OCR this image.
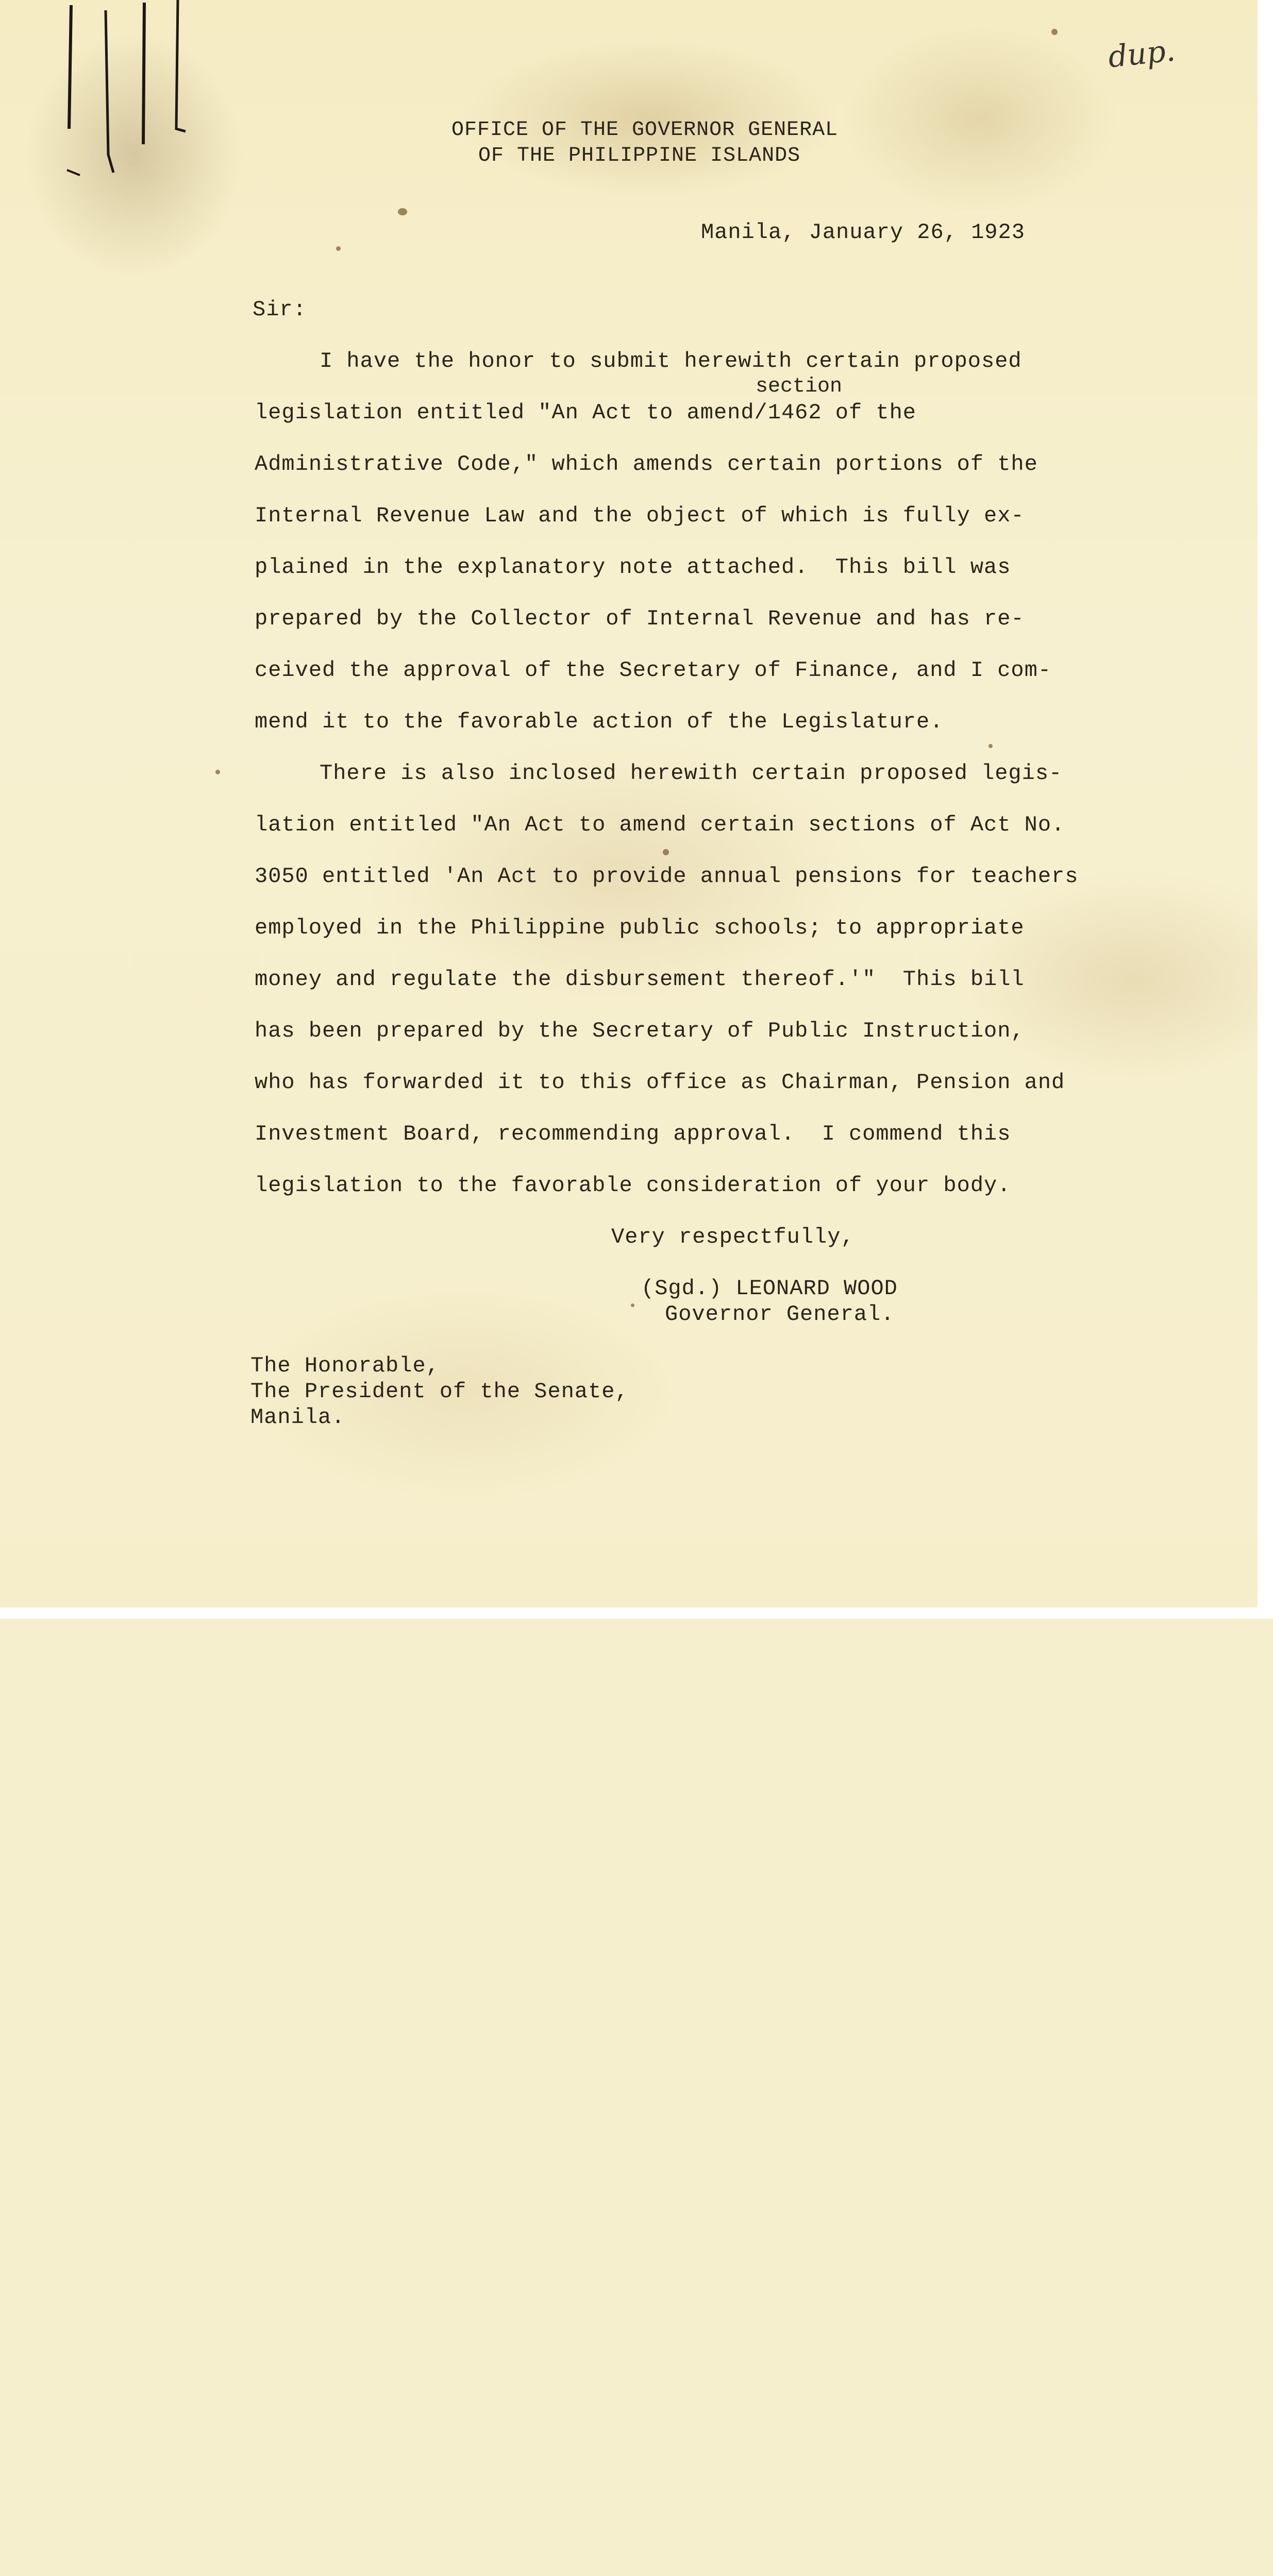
dup.
OFFICE OF THE GOVERNOR GENERAL
OF THE PHILIPPINE ISLANDS
Manila, January 26, 1923
Sir:
section
I have the honor to submit herewith certain proposed
legislation entitled "An Act to amend/1462 of the
Administrative Code," which amends certain portions of the
Internal Revenue Law and the object of which is fully ex-
plained in the explanatory note attached.  This bill was
prepared by the Collector of Internal Revenue and has re-
ceived the approval of the Secretary of Finance, and I com-
mend it to the favorable action of the Legislature.
There is also inclosed herewith certain proposed legis-
lation entitled "An Act to amend certain sections of Act No.
3050 entitled 'An Act to provide annual pensions for teachers
employed in the Philippine public schools; to appropriate
money and regulate the disbursement thereof.'"  This bill
has been prepared by the Secretary of Public Instruction,
who has forwarded it to this office as Chairman, Pension and
Investment Board, recommending approval.  I commend this
legislation to the favorable consideration of your body.
Very respectfully,
(Sgd.) LEONARD WOOD
Governor General.
The Honorable,
The President of the Senate,
Manila.
